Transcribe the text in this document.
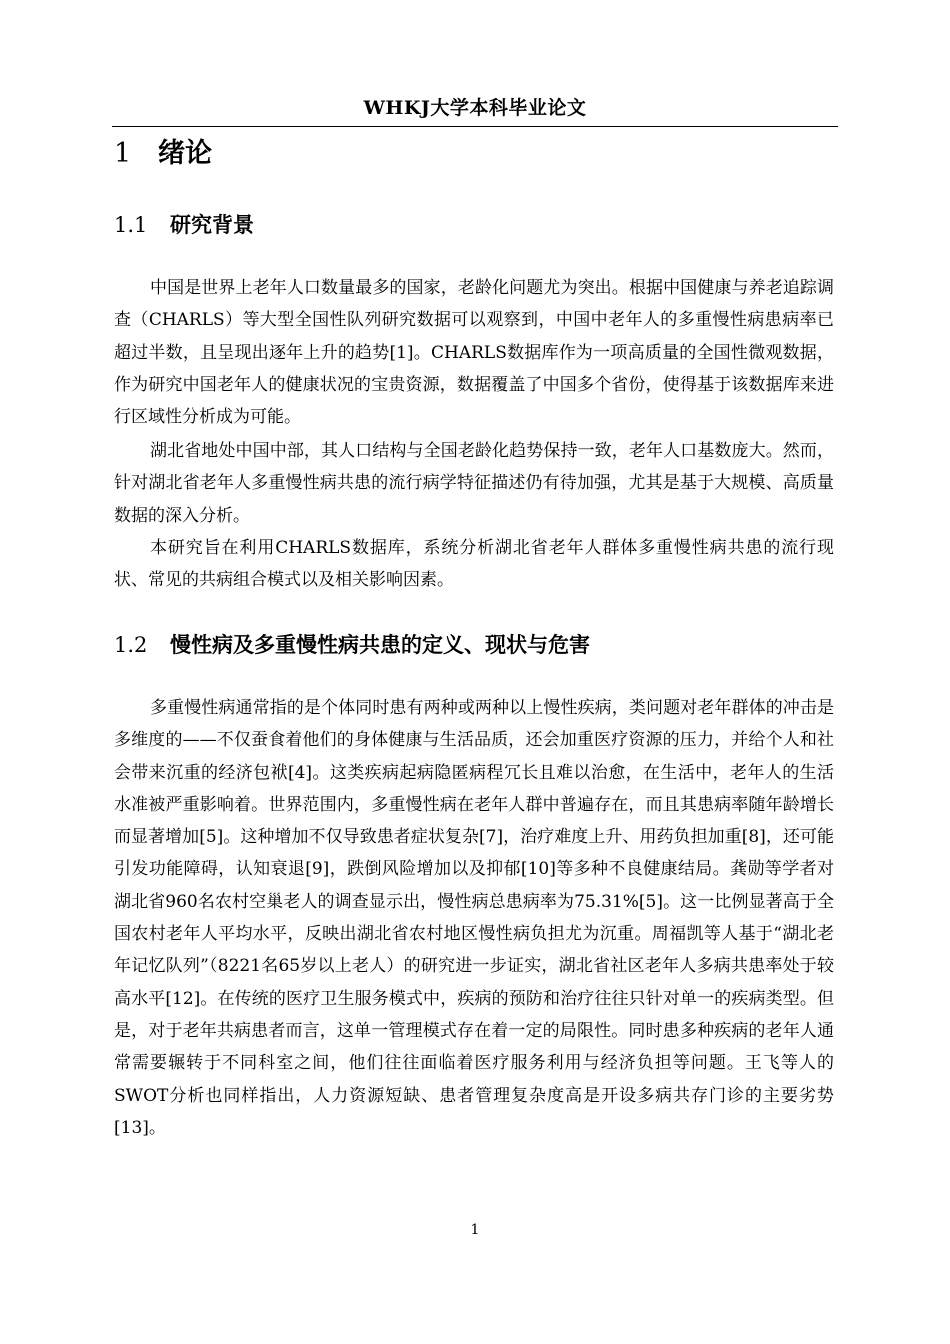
WHKJ大学本科毕业论文
1 绪论
1.1 研究背景

中国是世界上老年人口数量最多的国家，老龄化问题尤为突出。根据中国健康与养老追踪调查（CHARLS）等大型全国性队列研究数据可以观察到，中国中老年人的多重慢性病患病率已超过半数，且呈现出逐年上升的趋势[1]。CHARLS数据库作为一项高质量的全国性微观数据，作为研究中国老年人的健康状况的宝贵资源，数据覆盖了中国多个省份，使得基于该数据库来进行区域性分析成为可能。

湖北省地处中国中部，其人口结构与全国老龄化趋势保持一致，老年人口基数庞大。然而，针对湖北省老年人多重慢性病共患的流行病学特征描述仍有待加强，尤其是基于大规模、高质量数据的深入分析。

本研究旨在利用CHARLS数据库，系统分析湖北省老年人群体多重慢性病共患的流行现状、常见的共病组合模式以及相关影响因素。

1.2 慢性病及多重慢性病共患的定义、现状与危害

多重慢性病通常指的是个体同时患有两种或两种以上慢性疾病，类问题对老年群体的冲击是多维度的——不仅蚕食着他们的身体健康与生活品质，还会加重医疗资源的压力，并给个人和社会带来沉重的经济包袱[4]。这类疾病起病隐匿病程冗长且难以治愈，在生活中，老年人的生活水准被严重影响着。世界范围内，多重慢性病在老年人群中普遍存在，而且其患病率随年龄增长而显著增加[5]。这种增加不仅导致患者症状复杂[7]，治疗难度上升、用药负担加重[8]，还可能引发功能障碍，认知衰退[9]，跌倒风险增加以及抑郁[10]等多种不良健康结局。龚勋等学者对湖北省960名农村空巢老人的调查显示出，慢性病总患病率为75.31%[5]。这一比例显著高于全国农村老年人平均水平，反映出湖北省农村地区慢性病负担尤为沉重。周福凯等人基于“湖北老年记忆队列”（8221名65岁以上老人）的研究进一步证实，湖北省社区老年人多病共患率处于较高水平[12]。在传统的医疗卫生服务模式中，疾病的预防和治疗往往只针对单一的疾病类型。但是，对于老年共病患者而言，这单一管理模式存在着一定的局限性。同时患多种疾病的老年人通常需要辗转于不同科室之间，他们往往面临着医疗服务利用与经济负担等问题。王飞等人的SWOT分析也同样指出，人力资源短缺、患者管理复杂度高是开设多病共存门诊的主要劣势[13]。

1
